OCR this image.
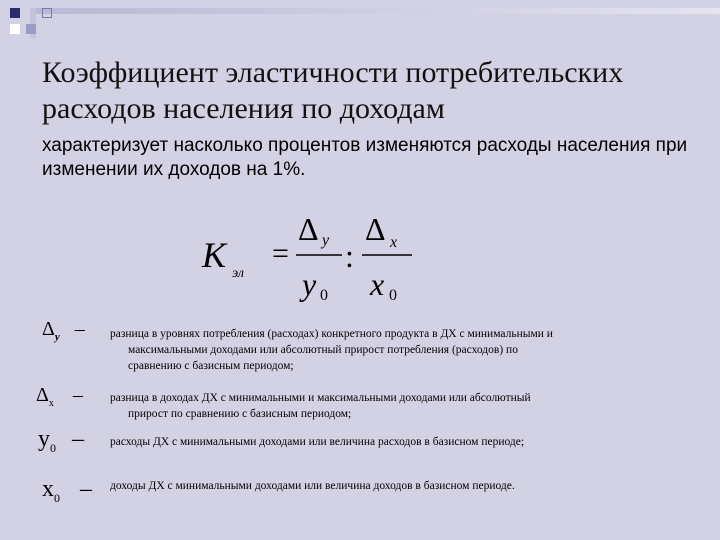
Коэффициент эластичности потребительских расходов населения по доходам
характеризует насколько процентов изменяются расходы населения при изменении их доходов на 1%.
K эл
=
Δ y
y 0
:
Δ x
x 0
$\Delta_y$ – разница в уровнях потребления (расходах) конкретного продукта в ДХ с минимальными и
максимальными доходами или абсолютный прирост потребления (расходов) по
сравнению с базисным периодом;
$\Delta_x$ – разница в доходах ДХ с минимальными и максимальными доходами или абсолютный
прирост по сравнению с базисным периодом;
$y_0$ – расходы ДХ с минимальными доходами или величина расходов в базисном периоде;
$x_0$ – доходы ДХ с минимальными доходами или величина доходов в базисном периоде.
